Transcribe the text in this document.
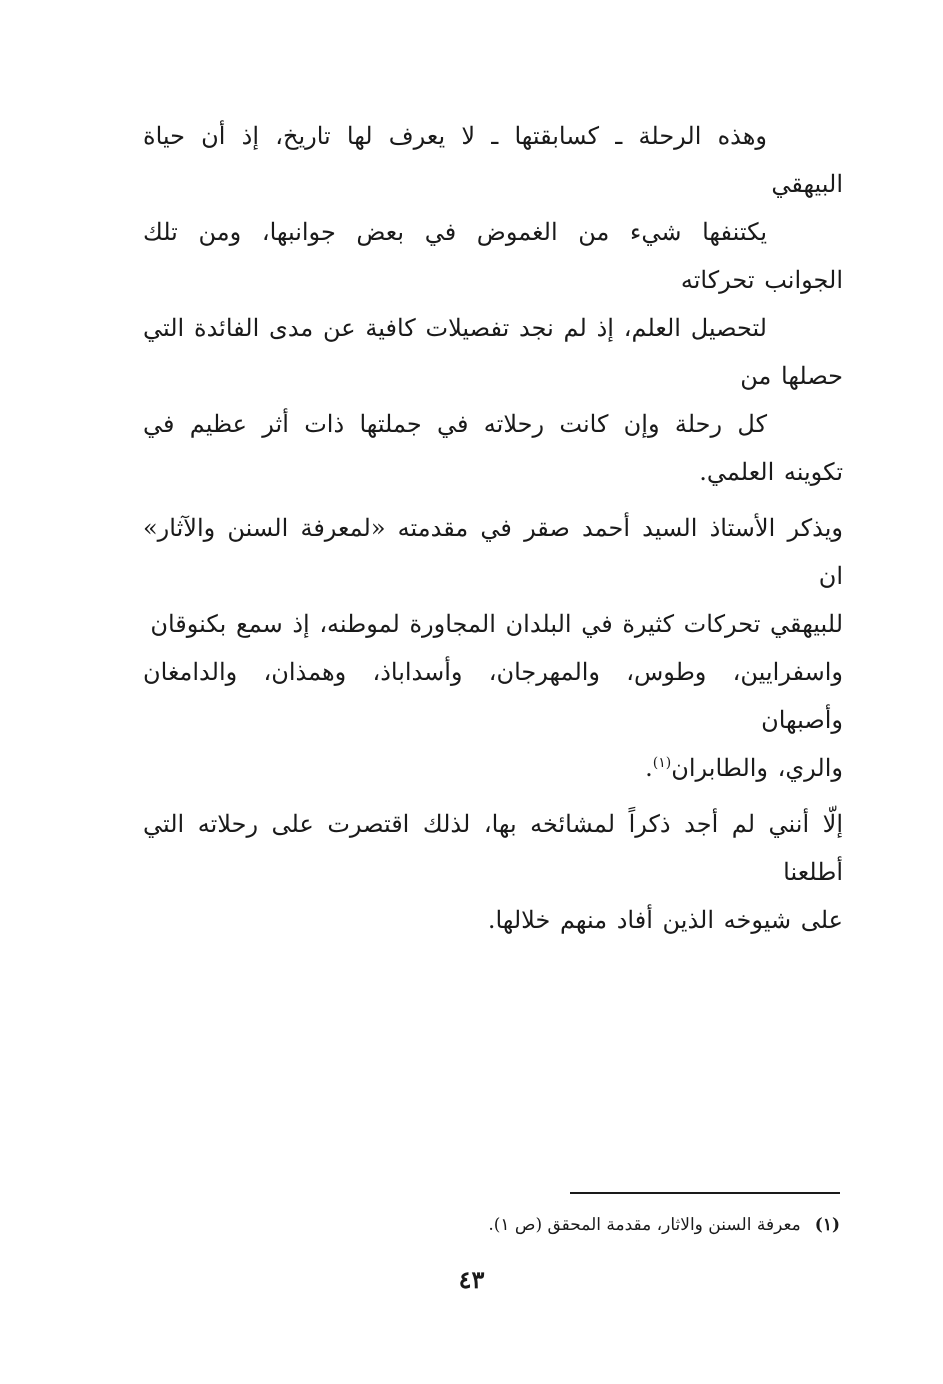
وهذه الرحلة ـ كسابقتها ـ لا يعرف لها تاريخ، إذ أن حياة البيهقي
يكتنفها شيء من الغموض في بعض جوانبها، ومن تلك الجوانب تحركاته
لتحصيل العلم، إذ لم نجد تفصيلات كافية عن مدى الفائدة التي حصلها من
كل رحلة وإن كانت رحلاته في جملتها ذات أثر عظيم في تكوينه العلمي.

ويذكر الأستاذ السيد أحمد صقر في مقدمته «لمعرفة السنن والآثار» ان
للبيهقي تحركات كثيرة في البلدان المجاورة لموطنه، إذ سمع بكنوقان
واسفرايين، وطوس، والمهرجان، وأسداباذ، وهمذان، والدامغان وأصبهان
والري، والطابران$^{(١)}$.

إلّا أنني لم أجد ذكراً لمشائخه بها، لذلك اقتصرت على رحلاته التي أطلعنا
على شيوخه الذين أفاد منهم خلالها.

(١)معرفة السنن والاثار، مقدمة المحقق (ص ١).
٤٣
